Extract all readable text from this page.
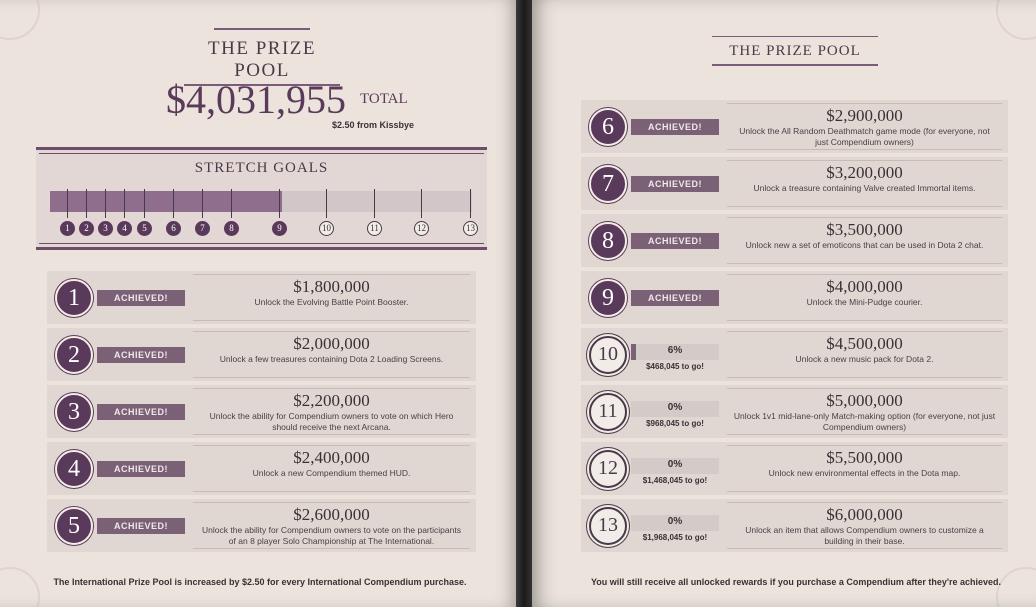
THE PRIZE POOL
$4,031,955 TOTAL
$2.50 from Kissbye
STRETCH GOALS
1	2	3	4	5	6	7	8	9	10	11	12	13
1	ACHIEVED!
$1,800,000
Unlock the Evolving Battle Point Booster.
2	ACHIEVED!
$2,000,000
Unlock a few treasures containing Dota 2 Loading Screens.
3	ACHIEVED!
$2,200,000
Unlock the ability for Compendium owners to vote on which Hero should receive the next Arcana.
4	ACHIEVED!
$2,400,000
Unlock a new Compendium themed HUD.
5	ACHIEVED!
$2,600,000
Unlock the ability for Compendium owners to vote on the participants of an 8 player Solo Championship at The International.
6	ACHIEVED!
$2,900,000
Unlock the All Random Deathmatch game mode (for everyone, not just Compendium owners)
7	ACHIEVED!
$3,200,000
Unlock a treasure containing Valve created Immortal items.
8	ACHIEVED!
$3,500,000
Unlock new a set of emoticons that can be used in Dota 2 chat.
9	ACHIEVED!
$4,000,000
Unlock the Mini-Pudge courier.
10	6%
$468,045 to go!
$4,500,000
Unlock a new music pack for Dota 2.
11	0%
$968,045 to go!
$5,000,000
Unlock 1v1 mid-lane-only Match-making option (for everyone, not just Compendium owners)
12	0%
$1,468,045 to go!
$5,500,000
Unlock new environmental effects in the Dota map.
13	0%
$1,968,045 to go!
$6,000,000
Unlock an item that allows Compendium owners to customize a building in their base.
THE PRIZE POOL
The International Prize Pool is increased by $2.50 for every International Compendium purchase.	You will still receive all unlocked rewards if you purchase a Compendium after they're achieved.
